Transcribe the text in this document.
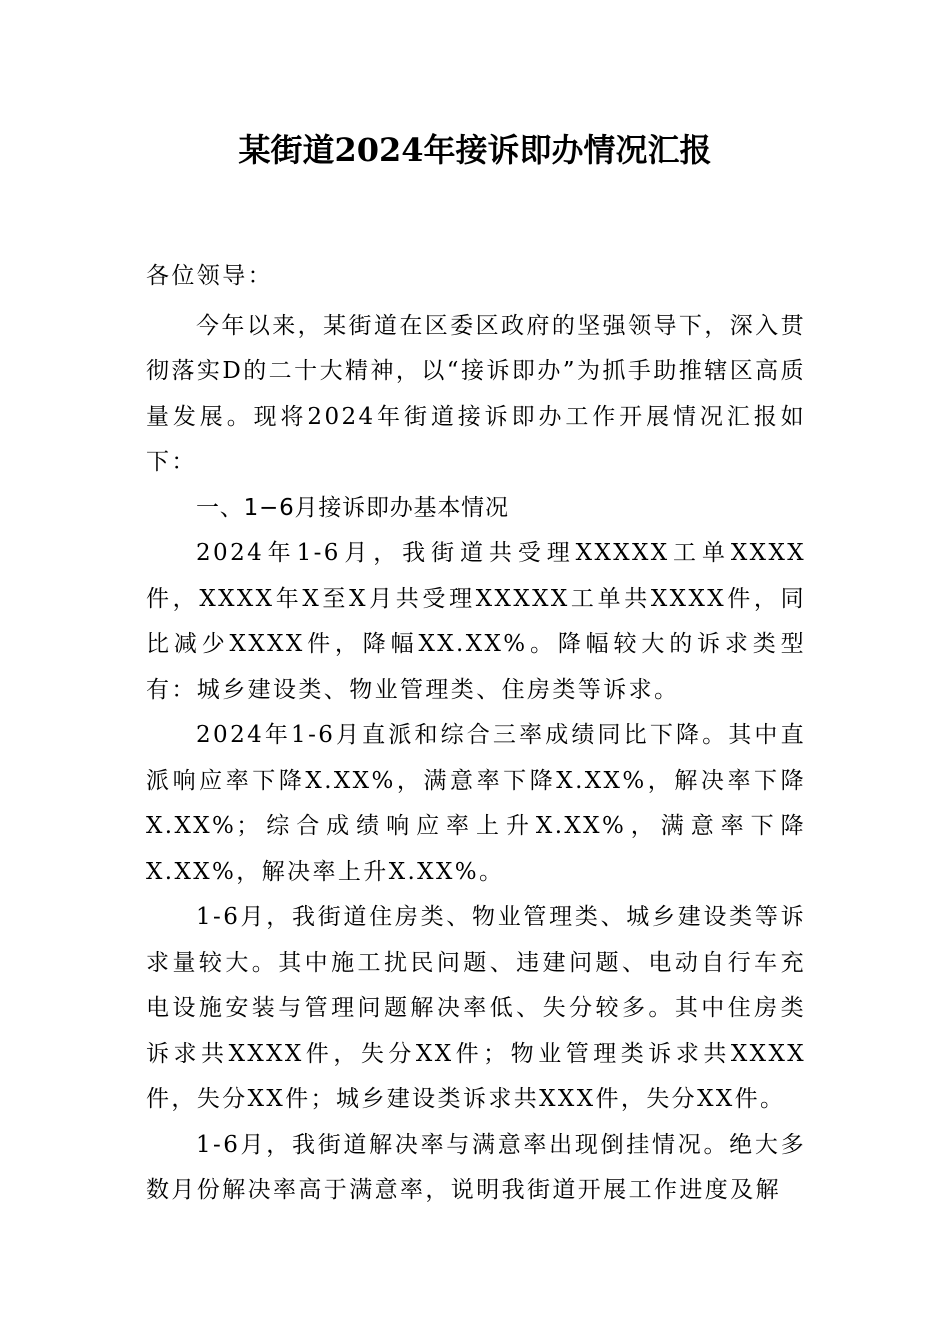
某街道2024年接诉即办情况汇报

各位领导：

今年以来，某街道在区委区政府的坚强领导下，深入贯彻落实D的二十大精神，以“接诉即办”为抓手助推辖区高质量发展。现将2024年街道接诉即办工作开展情况汇报如下：

一、1−6月接诉即办基本情况

2024年1-6月，我街道共受理XXXXX工单XXXX件，XXXX年X至X月共受理XXXXX工单共XXXX件，同比减少XXXX件，降幅XX.XX%。降幅较大的诉求类型有：城乡建设类、物业管理类、住房类等诉求。

2024年1-6月直派和综合三率成绩同比下降。其中直派响应率下降X.XX%，满意率下降X.XX%，解决率下降X.XX%；综合成绩响应率上升X.XX%，满意率下降X.XX%，解决率上升X.XX%。

1-6月，我街道住房类、物业管理类、城乡建设类等诉求量较大。其中施工扰民问题、违建问题、电动自行车充电设施安装与管理问题解决率低、失分较多。其中住房类诉求共XXXX件，失分XX件；物业管理类诉求共XXXX件，失分XX件；城乡建设类诉求共XXX件，失分XX件。

1-6月，我街道解决率与满意率出现倒挂情况。绝大多数月份解决率高于满意率，说明我街道开展工作进度及解
